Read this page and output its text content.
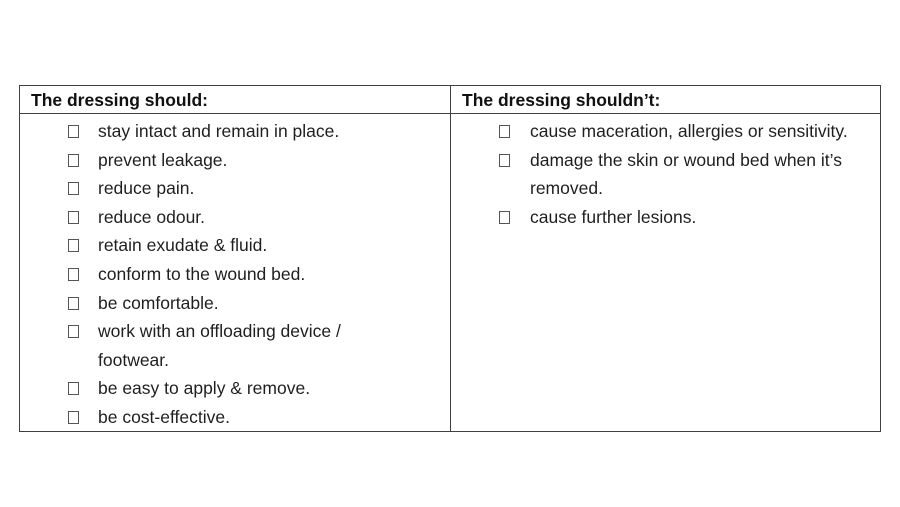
The dressing should:
stay intact and remain in place.
prevent leakage.
reduce pain.
reduce odour.
retain exudate & fluid.
conform to the wound bed.
be comfortable.
work with an offloading device / footwear.
be easy to apply & remove.
be cost-effective.
The dressing shouldn’t:
cause maceration, allergies or sensitivity.
damage the skin or wound bed when it’s removed.
cause further lesions.
